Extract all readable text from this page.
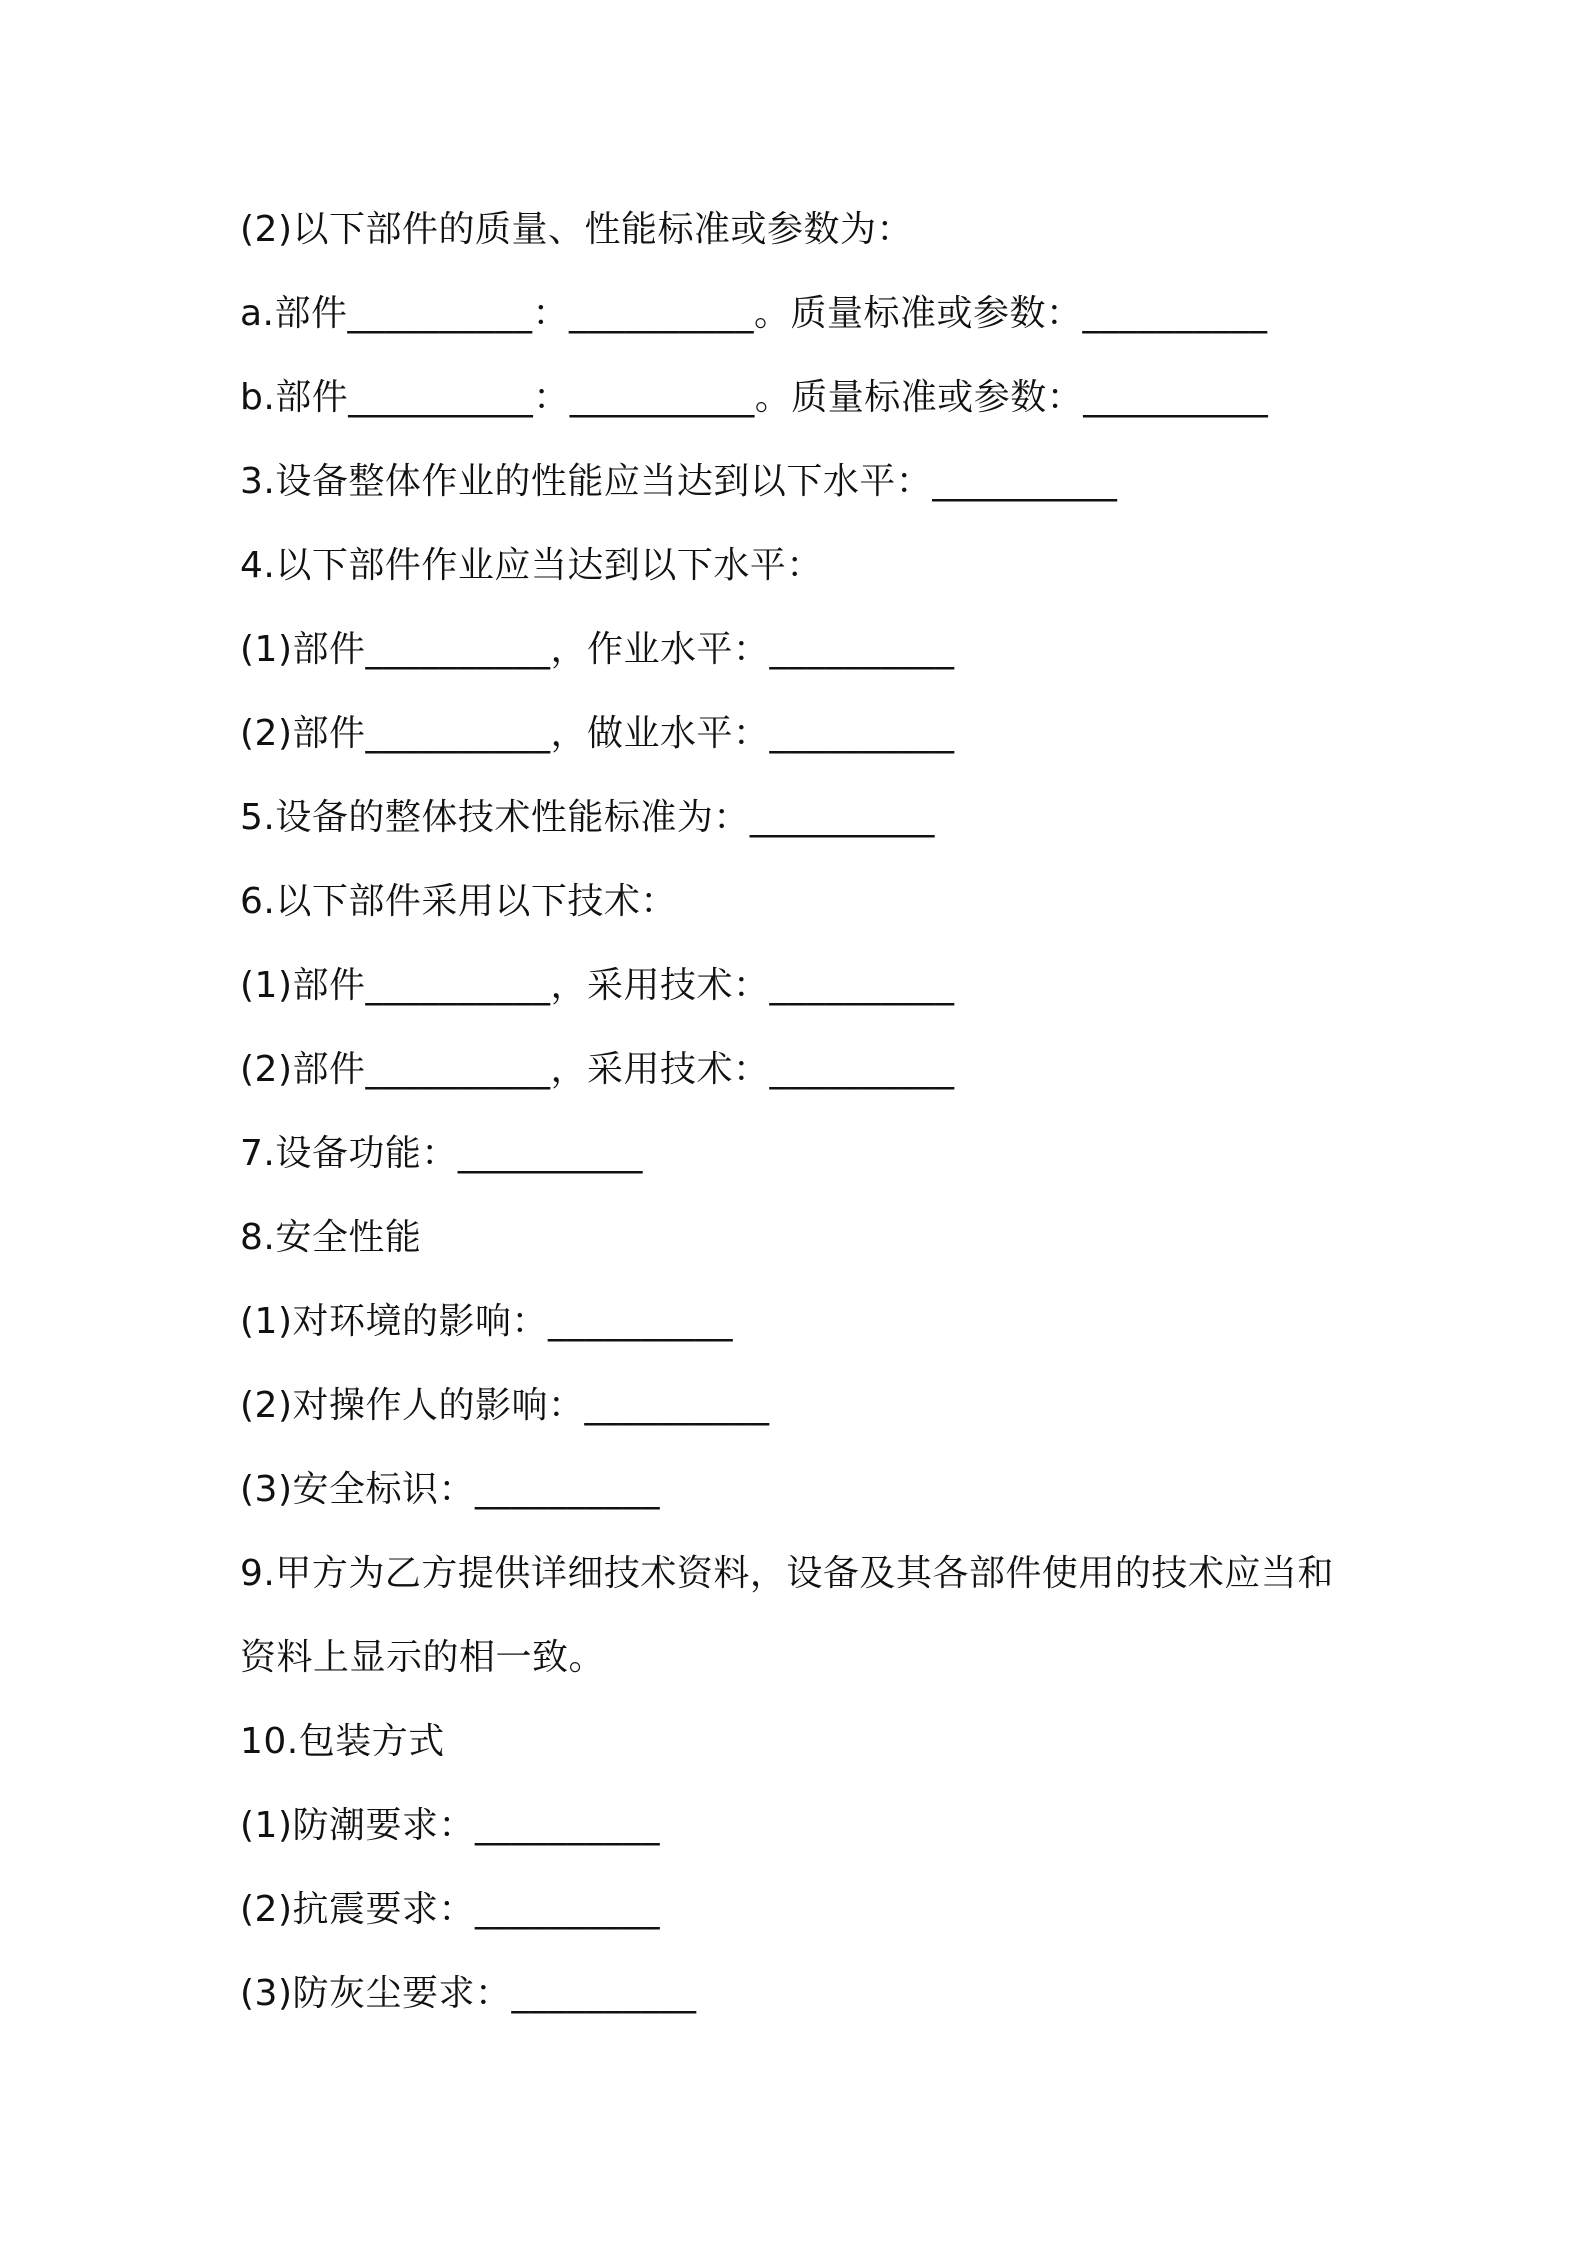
(2)以下部件的质量、性能标准或参数为：
a.部件__________：__________。质量标准或参数：__________
b.部件__________：__________。质量标准或参数：__________
3.设备整体作业的性能应当达到以下水平：__________
4.以下部件作业应当达到以下水平：
(1)部件__________，作业水平：__________
(2)部件__________，做业水平：__________
5.设备的整体技术性能标准为：__________
6.以下部件采用以下技术：
(1)部件__________，采用技术：__________
(2)部件__________，采用技术：__________
7.设备功能：__________
8.安全性能
(1)对环境的影响：__________
(2)对操作人的影响：__________
(3)安全标识：__________
9.甲方为乙方提供详细技术资料，设备及其各部件使用的技术应当和
资料上显示的相一致。
10.包装方式
(1)防潮要求：__________
(2)抗震要求：__________
(3)防灰尘要求：__________
